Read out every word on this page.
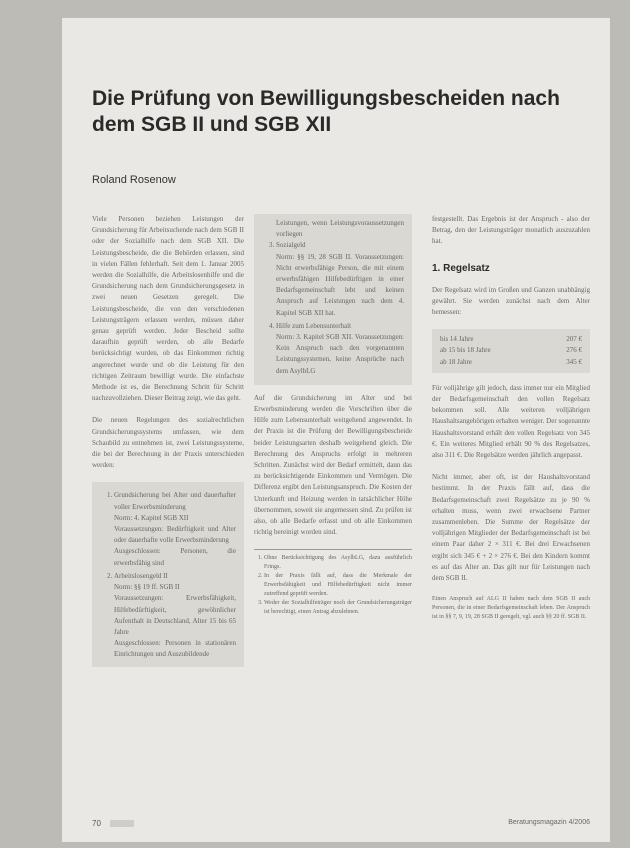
Die Prüfung von Bewilligungsbescheiden nach dem SGB II und SGB XII
Roland Rosenow

Viele Personen beziehen Leistungen der Grundsicherung für Arbeitsuchende nach dem SGB II oder der Sozialhilfe nach dem SGB XII. Die Leistungsbescheide, die die Behörden erlassen, sind in vielen Fällen fehlerhaft. Seit dem 1. Januar 2005 werden die Sozialhilfe, die Arbeitslosenhilfe und die Grundsicherung nach dem Grundsicherungsgesetz in zwei neuen Gesetzen geregelt. Die Leistungsbescheide, die von den verschiedenen Leistungsträgern erlassen werden, müssen daher genau geprüft werden. Jeder Bescheid sollte daraufhin geprüft werden, ob alle Bedarfe berücksichtigt wurden, ob das Einkommen richtig angerechnet wurde und ob die Leistung für den richtigen Zeitraum bewilligt wurde. Die einfachste Methode ist es, die Berechnung Schritt für Schritt nachzuvollziehen. Dieser Beitrag zeigt, wie das geht.

Die neuen Regelungen des sozialrechtlichen Grundsicherungssystems umfassen, wie dem Schaubild zu entnehmen ist, zwei Leistungssysteme, die bei der Berechnung in der Praxis unterschieden werden:

1. Grundsicherung bei Alter und dauerhafter voller Erwerbsminderung
Norm: 4. Kapitel SGB XII
Voraussetzungen: Bedürftigkeit und Alter oder dauerhafte volle Erwerbsminderung
Ausgeschlossen: Personen, die erwerbsfähig sind
2. Arbeitslosengeld II
Norm: §§ 19 ff. SGB II
Voraussetzungen: Erwerbsfähigkeit, Hilfebedürftigkeit, gewöhnlicher Aufenthalt in Deutschland, Alter 15 bis 65 Jahre
Ausgeschlossen: Personen in stationären Einrichtungen und Auszubildende
Leistungen, wenn Leistungsvoraussetzungen vorliegen
3. Sozialgeld
Norm: §§ 19, 28 SGB II. Voraussetzungen: Nicht erwerbsfähige Person, die mit einem erwerbsfähigen Hilfebedürftigen in einer Bedarfsgemeinschaft lebt und keinen Anspruch auf Leistungen nach dem 4. Kapitel SGB XII hat.
4. Hilfe zum Lebensunterhalt
Norm: 3. Kapitel SGB XII. Voraussetzungen: Kein Anspruch nach den vorgenannten Leistungssystemen, keine Ansprüche nach dem AsylbLG

Auf die Grundsicherung im Alter und bei Erwerbsminderung werden die Vorschriften über die Hilfe zum Lebensunterhalt weitgehend angewendet. In der Praxis ist die Prüfung der Bewilligungsbescheide beider Leistungsarten deshalb weitgehend gleich. Die Berechnung des Anspruchs erfolgt in mehreren Schritten. Zunächst wird der Bedarf ermittelt, dann das zu berücksichtigende Einkommen und Vermögen. Die Differenz ergibt den Leistungsanspruch. Die Kosten der Unterkunft und Heizung werden in tatsächlicher Höhe übernommen, soweit sie angemessen sind. Zu prüfen ist also, ob alle Bedarfe erfasst und ob alle Einkommen richtig bereinigt worden sind.

1. Ohne Berücksichtigung des AsylbLG, dazu ausführlich Frings.
2. In der Praxis fällt auf, dass die Merkmale der Erwerbsfähigkeit und Hilfebedürftigkeit nicht immer zutreffend geprüft werden.
3. Weder der Sozialhilfeträger noch der Grundsicherungsträger ist berechtigt, einen Antrag abzulehnen.

festgestellt. Das Ergebnis ist der Anspruch - also der Betrag, den der Leistungsträger monatlich auszuzahlen hat.

1. Regelsatz

Der Regelsatz wird im Großen und Ganzen unabhängig gewährt. Sie werden zunächst nach dem Alter bemessen:

bis 14 Jahre	207 €
ab 15 bis 18 Jahre	276 €
ab 18 Jahre	345 €

Für volljährige gilt jedoch, dass immer nur ein Mitglied der Bedarfsgemeinschaft den vollen Regelsatz bekommen soll. Alle weiteren volljährigen Haushaltsangehörigen erhalten weniger. Der sogenannte Haushaltsvorstand erhält den vollen Regelsatz von 345 €. Ein weiteres Mitglied erhält 90 % des Regelsatzes, also 311 €. Die Regelsätze werden jährlich angepasst.

Nicht immer, aber oft, ist der Haushaltsvorstand bestimmt. In der Praxis fällt auf, dass die Bedarfsgemeinschaft zwei Regelsätze zu je 90 % erhalten muss, wenn zwei erwachsene Partner zusammenleben. Die Summe der Regelsätze der volljährigen Mitglieder der Bedarfsgemeinschaft ist bei einem Paar daher 2 × 311 €. Bei drei Erwachsenen ergibt sich 345 € + 2 × 276 €. Bei den Kindern kommt es auf das Alter an. Das gilt nur für Leistungen nach dem SGB II.

Einen Anspruch auf ALG II haben nach dem SGB II auch Personen, die in einer Bedarfsgemeinschaft leben. Der Anspruch ist in §§ 7, 9, 19, 28 SGB II geregelt, vgl. auch §§ 20 ff. SGB II.
70	Beratungsmagazin 4/2006
